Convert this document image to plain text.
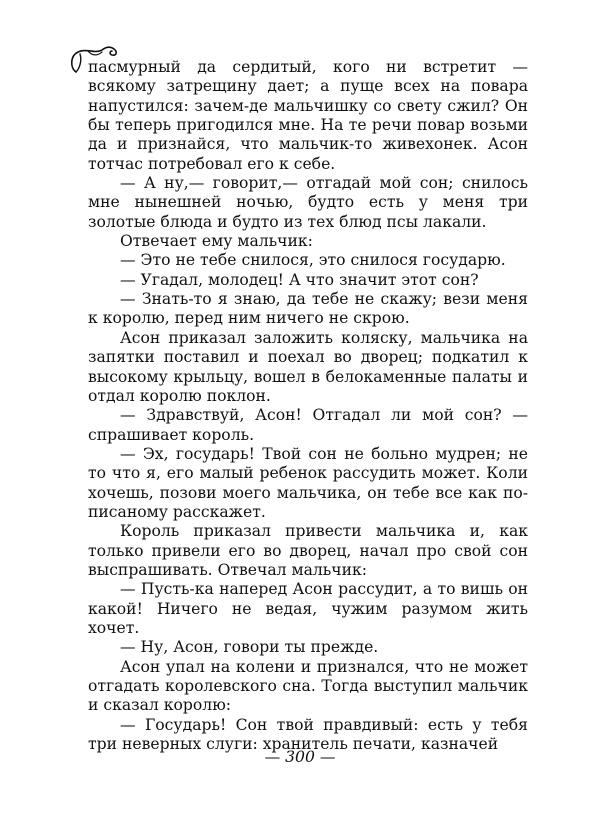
пасмурный да сердитый, кого ни встретит — всякому затрещину дает; а пуще всех на повара напустился: зачем-де мальчишку со свету сжил? Он бы теперь пригодился мне. На те речи повар возьми да и признайся, что мальчик-то живехонек. Асон тотчас потребовал его к себе.

— А ну,— говорит,— отгадай мой сон; снилось мне нынешней ночью, будто есть у меня три золотые блюда и будто из тех блюд псы лакали.

Отвечает ему мальчик:

— Это не тебе снилося, это снилося государю.

— Угадал, молодец! А что значит этот сон?

— Знать-то я знаю, да тебе не скажу; вези меня к королю, перед ним ничего не скрою.

Асон приказал заложить коляску, мальчика на запятки поставил и поехал во дворец; подкатил к высокому крыльцу, вошел в белокаменные палаты и отдал королю поклон.

— Здравствуй, Асон! Отгадал ли мой сон? — спрашивает король.

— Эх, государь! Твой сон не больно мудрен; не то что я, его малый ребенок рассудить может. Коли хочешь, позови моего мальчика, он тебе все как по-писаному расскажет.

Король приказал привести мальчика и, как только привели его во дворец, начал про свой сон выспрашивать. Отвечал мальчик:

— Пусть-ка наперед Асон рассудит, а то вишь он какой! Ничего не ведая, чужим разумом жить хочет.

— Ну, Асон, говори ты прежде.

Асон упал на колени и признался, что не может отгадать королевского сна. Тогда выступил мальчик и сказал королю:

— Государь! Сон твой правдивый: есть у тебя три неверных слуги: хранитель печати, казначей

— 300 —
